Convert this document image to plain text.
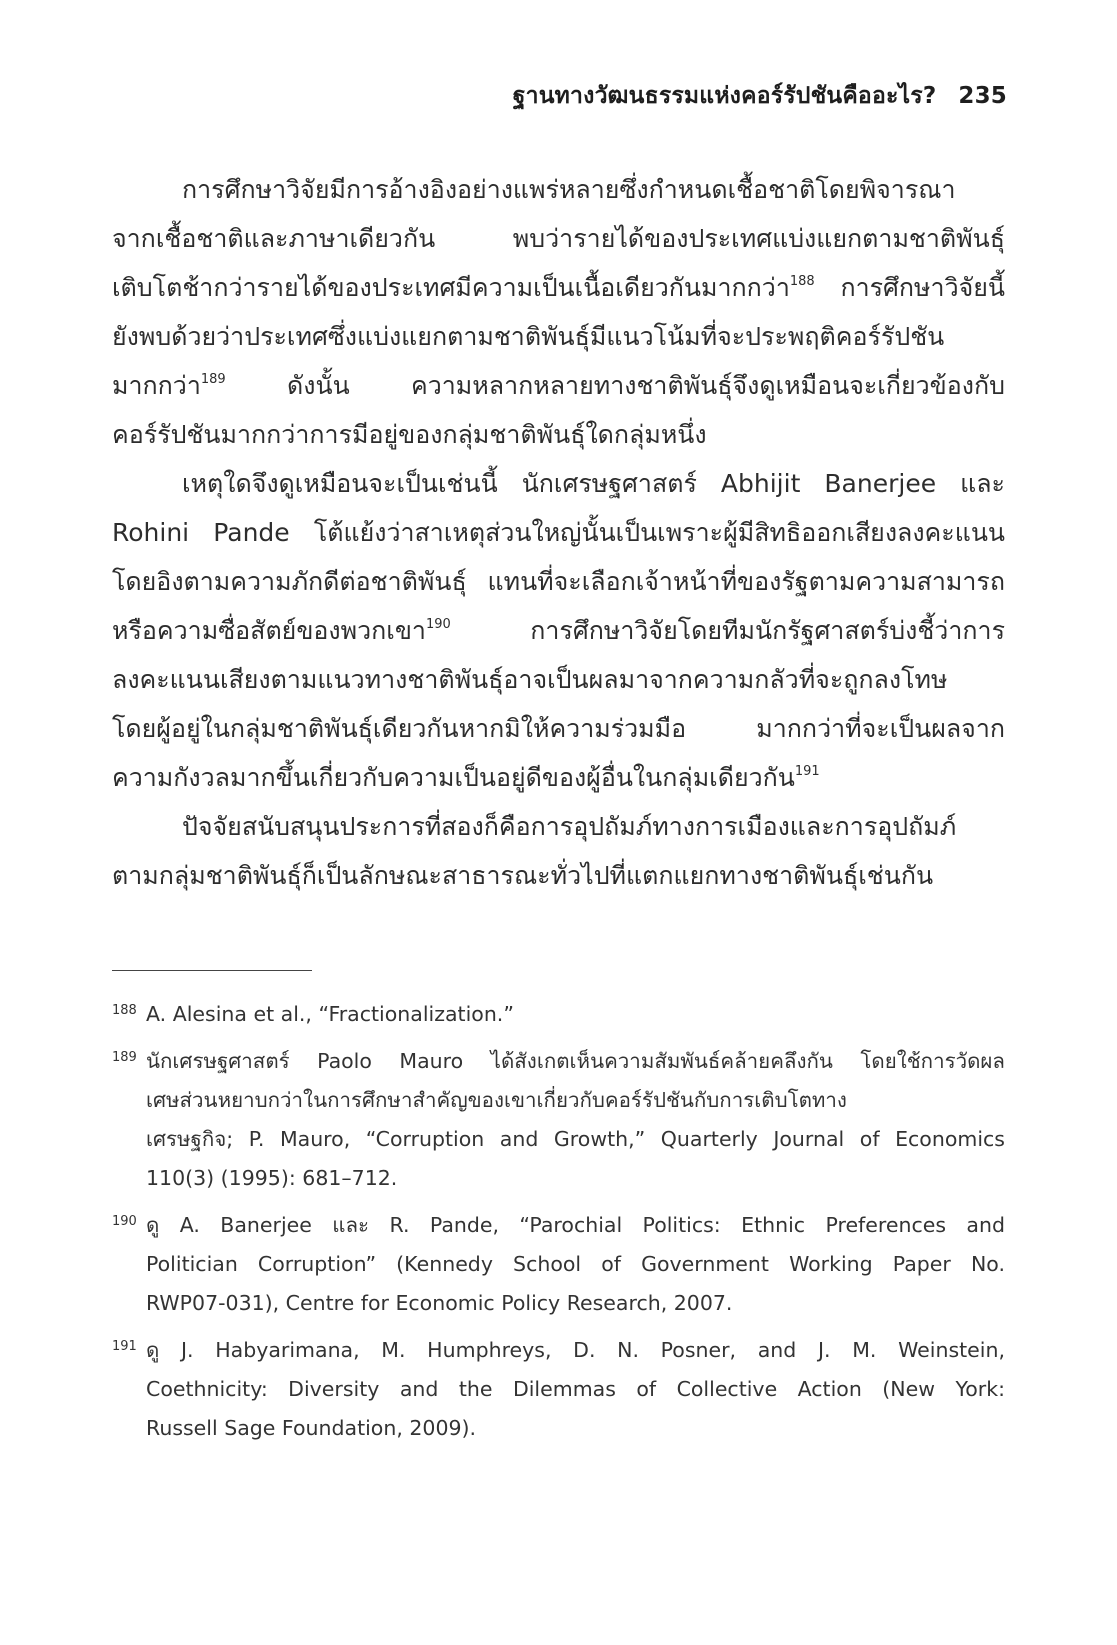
ฐานทางวัฒนธรรมแห่งคอร์รัปชันคืออะไร? 235

การศึกษาวิจัยมีการอ้างอิงอย่างแพร่หลายซึ่งกำหนดเชื้อชาติโดยพิจารณา
จากเชื้อชาติและภาษาเดียวกัน พบว่ารายได้ของประเทศแบ่งแยกตามชาติพันธุ์
เติบโตช้ากว่ารายได้ของประเทศมีความเป็นเนื้อเดียวกันมากกว่า$^{188}$ การศึกษาวิจัยนี้
ยังพบด้วยว่าประเทศซึ่งแบ่งแยกตามชาติพันธุ์มีแนวโน้มที่จะประพฤติคอร์รัปชัน
มากกว่า$^{189}$ ดังนั้น ความหลากหลายทางชาติพันธุ์จึงดูเหมือนจะเกี่ยวข้องกับ
คอร์รัปชันมากกว่าการมีอยู่ของกลุ่มชาติพันธุ์ใดกลุ่มหนึ่ง

เหตุใดจึงดูเหมือนจะเป็นเช่นนี้ นักเศรษฐศาสตร์ Abhijit Banerjee และ
Rohini Pande โต้แย้งว่าสาเหตุส่วนใหญ่นั้นเป็นเพราะผู้มีสิทธิออกเสียงลงคะแนน
โดยอิงตามความภักดีต่อชาติพันธุ์ แทนที่จะเลือกเจ้าหน้าที่ของรัฐตามความสามารถ
หรือความซื่อสัตย์ของพวกเขา$^{190}$ การศึกษาวิจัยโดยทีมนักรัฐศาสตร์บ่งชี้ว่าการ
ลงคะแนนเสียงตามแนวทางชาติพันธุ์อาจเป็นผลมาจากความกลัวที่จะถูกลงโทษ
โดยผู้อยู่ในกลุ่มชาติพันธุ์เดียวกันหากมิให้ความร่วมมือ มากกว่าที่จะเป็นผลจาก
ความกังวลมากขึ้นเกี่ยวกับความเป็นอยู่ดีของผู้อื่นในกลุ่มเดียวกัน$^{191}$

ปัจจัยสนับสนุนประการที่สองก็คือการอุปถัมภ์ทางการเมืองและการอุปถัมภ์
ตามกลุ่มชาติพันธุ์ก็เป็นลักษณะสาธารณะทั่วไปที่แตกแยกทางชาติพันธุ์เช่นกัน

188 A. Alesina et al., “Fractionalization.”
189 นักเศรษฐศาสตร์ Paolo Mauro ได้สังเกตเห็นความสัมพันธ์คล้ายคลึงกัน โดยใช้การวัดผล
เศษส่วนหยาบกว่าในการศึกษาสำคัญของเขาเกี่ยวกับคอร์รัปชันกับการเติบโตทาง
เศรษฐกิจ; P. Mauro, “Corruption and Growth,” Quarterly Journal of Economics
110(3) (1995): 681–712.
190 ดู A. Banerjee และ R. Pande, “Parochial Politics: Ethnic Preferences and
Politician Corruption” (Kennedy School of Government Working Paper No.
RWP07-031), Centre for Economic Policy Research, 2007.
191 ดู J. Habyarimana, M. Humphreys, D. N. Posner, and J. M. Weinstein,
Coethnicity: Diversity and the Dilemmas of Collective Action (New York:
Russell Sage Foundation, 2009).
